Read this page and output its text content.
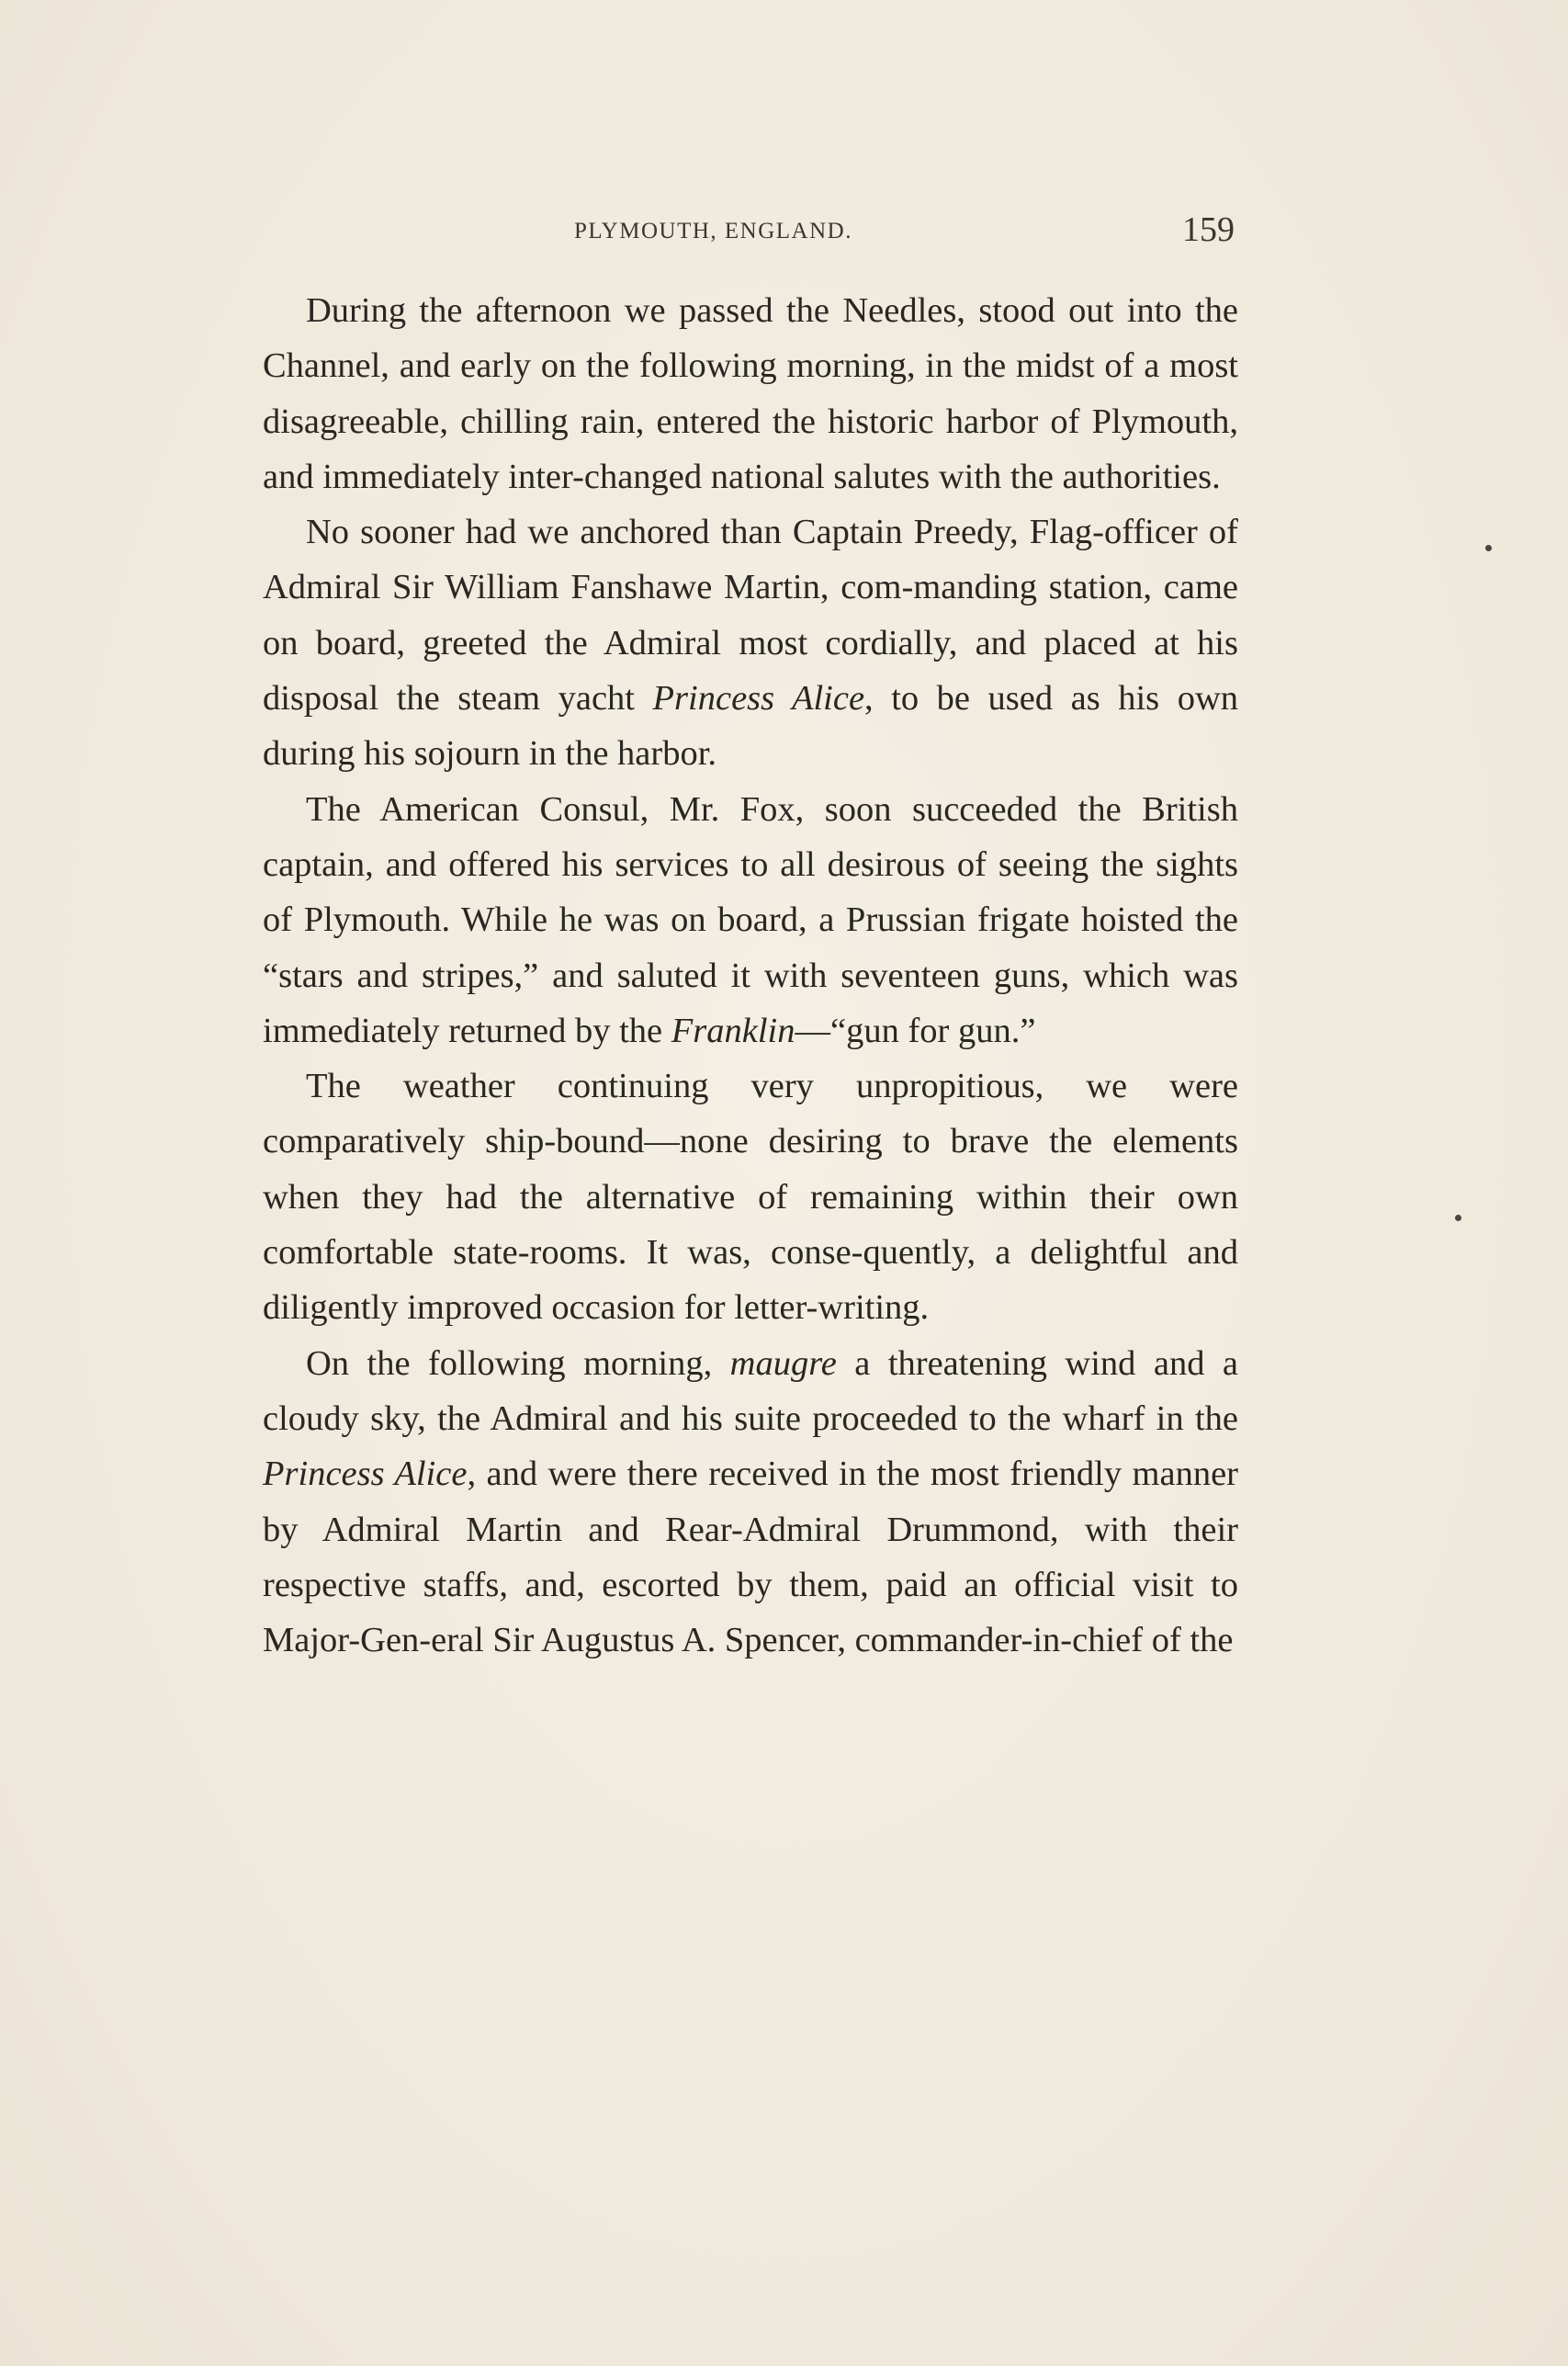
PLYMOUTH, ENGLAND.	159

During the afternoon we passed the Needles, stood out into the Channel, and early on the following morning, in the midst of a most disagreeable, chilling rain, entered the historic harbor of Plymouth, and immediately inter-changed national salutes with the authorities.

No sooner had we anchored than Captain Preedy, Flag-officer of Admiral Sir William Fanshawe Martin, com-manding station, came on board, greeted the Admiral most cordially, and placed at his disposal the steam yacht Princess Alice, to be used as his own during his sojourn in the harbor.

The American Consul, Mr. Fox, soon succeeded the British captain, and offered his services to all desirous of seeing the sights of Plymouth. While he was on board, a Prussian frigate hoisted the “stars and stripes,” and saluted it with seventeen guns, which was immediately returned by the Franklin—“gun for gun.”

The weather continuing very unpropitious, we were comparatively ship-bound—none desiring to brave the elements when they had the alternative of remaining within their own comfortable state-rooms. It was, conse-quently, a delightful and diligently improved occasion for letter-writing.

On the following morning, maugre a threatening wind and a cloudy sky, the Admiral and his suite proceeded to the wharf in the Princess Alice, and were there received in the most friendly manner by Admiral Martin and Rear-Admiral Drummond, with their respective staffs, and, escorted by them, paid an official visit to Major-Gen-eral Sir Augustus A. Spencer, commander-in-chief of the
